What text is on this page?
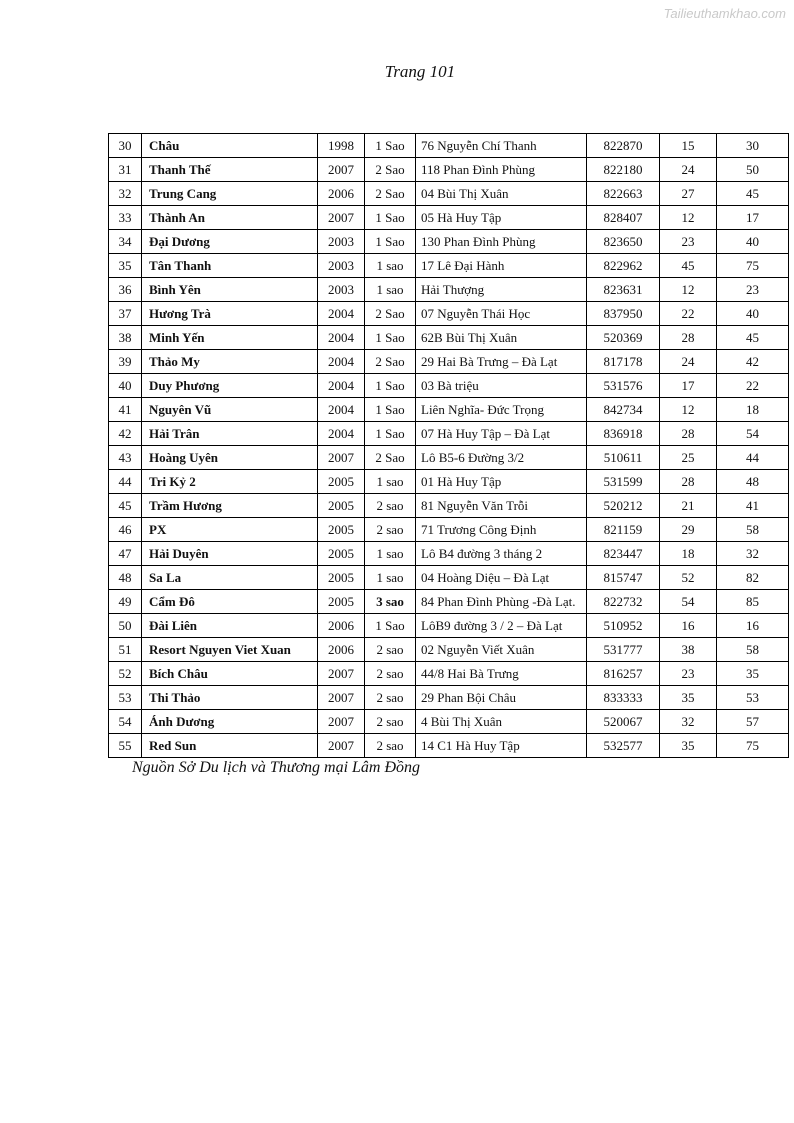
Tailieuthamkhao.com
Trang 101
30	Châu	1998	1 Sao	76 Nguyễn Chí Thanh	822870	15	30
31	Thanh Thế	2007	2 Sao	118 Phan Đình Phùng	822180	24	50
32	Trung Cang	2006	2 Sao	04 Bùi Thị Xuân	822663	27	45
33	Thành An	2007	1 Sao	05 Hà Huy Tập	828407	12	17
34	Đại Dương	2003	1 Sao	130 Phan Đình Phùng	823650	23	40
35	Tân Thanh	2003	1 sao	17 Lê Đại Hành	822962	45	75
36	Bình Yên	2003	1 sao	Hải Thượng	823631	12	23
37	Hương Trà	2004	2 Sao	07 Nguyễn Thái Học	837950	22	40
38	Minh Yến	2004	1 Sao	62B Bùi Thị Xuân	520369	28	45
39	Thảo My	2004	2 Sao	29 Hai Bà Trưng – Đà Lạt	817178	24	42
40	Duy Phương	2004	1 Sao	03 Bà triệu	531576	17	22
41	Nguyên Vũ	2004	1 Sao	Liên Nghĩa- Đức Trọng	842734	12	18
42	Hải Trân	2004	1 Sao	07 Hà Huy Tập – Đà Lạt	836918	28	54
43	Hoàng Uyên	2007	2 Sao	Lô B5-6 Đường 3/2	510611	25	44
44	Tri Kỷ 2	2005	1 sao	01 Hà Huy Tập	531599	28	48
45	Trầm Hương	2005	2 sao	81 Nguyễn Văn Trỗi	520212	21	41
46	PX	2005	2 sao	71 Trương Công Định	821159	29	58
47	Hải Duyên	2005	1 sao	Lô B4 đường 3 tháng 2	823447	18	32
48	Sa La	2005	1 sao	04 Hoàng Diệu – Đà Lạt	815747	52	82
49	Cẩm Đô	2005	3 sao	84 Phan Đình Phùng -Đà Lạt.	822732	54	85
50	Đài Liên	2006	1 Sao	LôB9 đường 3 / 2 – Đà Lạt	510952	16	16
51	Resort Nguyen Viet Xuan	2006	2 sao	02 Nguyễn Viết Xuân	531777	38	58
52	Bích Châu	2007	2 sao	44/8 Hai Bà Trưng	816257	23	35
53	Thi Thảo	2007	2 sao	29 Phan Bội Châu	833333	35	53
54	Ánh Dương	2007	2 sao	4 Bùi Thị Xuân	520067	32	57
55	Red Sun	2007	2 sao	14 C1 Hà Huy Tập	532577	35	75
Nguồn Sở Du lịch và Thương mại Lâm Đồng
